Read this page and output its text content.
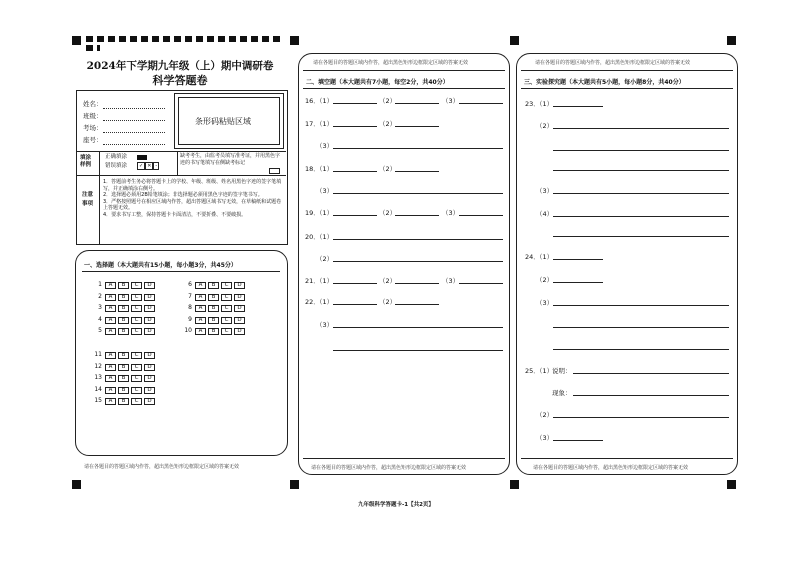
2024年下学期九年级（上）期中调研卷
科学答题卷
姓名：
班级：
考场：
座号：
条形码粘贴区域
填涂样例
正确填涂
错误填涂	✓ ✕ -
缺考考生，由监考员填写准考证，并用黑色字迹的书写笔填写在侧缺考标记
注意事项
1．答题前考生务必将答题卡上的学校、年级、班级、姓名用黑色字迹的签字笔填写，并正确填涂右侧号。
2．选择题必须用2B铅笔填涂；非选择题必须用黑色字迹的签字笔书写。
3．严格按照题号在相应区域内作答，超出答题区域书写无效，在草稿纸和试题卷上答题无效。
4．要求书写工整，保持答题卡卡面清洁，不要折叠、不要破损。
一、选择题（本大题共有15小题，每小题3分，共45分）
1 A B C D
2 A B C D
3 A B C D
4 A B C D
5 A B C D
6 A B C D
7 A B C D
8 A B C D
9 A B C D
10 A B C D
11 A B C D
12 A B C D
13 A B C D
14 A B C D
15 A B C D
请在各题目的答题区域内作答，超出黑色矩形边框限定区域的答案无效
请在各题目的答题区域内作答，超出黑色矩形边框限定区域的答案无效
二、填空题（本大题共有7小题，每空2分，共40分）
请在各题目的答题区域内作答，超出黑色矩形边框限定区域的答案无效
16．
（1）	（2）	（3）
17．
（1）	（2）
（3）
18．
（1）	（2）
（3）
19．
（1）	（2）	（3）
20．
（1）
（2）
21．
（1）	（2）	（3）
22．
（1）	（2）
（3）
请在各题目的答题区域内作答，超出黑色矩形边框限定区域的答案无效
三、实验探究题（本大题共有5小题，每小题8分，共40分）
请在各题目的答题区域内作答，超出黑色矩形边框限定区域的答案无效
23．
（1）
（2）
（3）
（4）
24．
（1）
（2）
（3）
25．
（1）
说明：
现象：
（2）
（3）
九年级科学答题卡-1【共2页】
